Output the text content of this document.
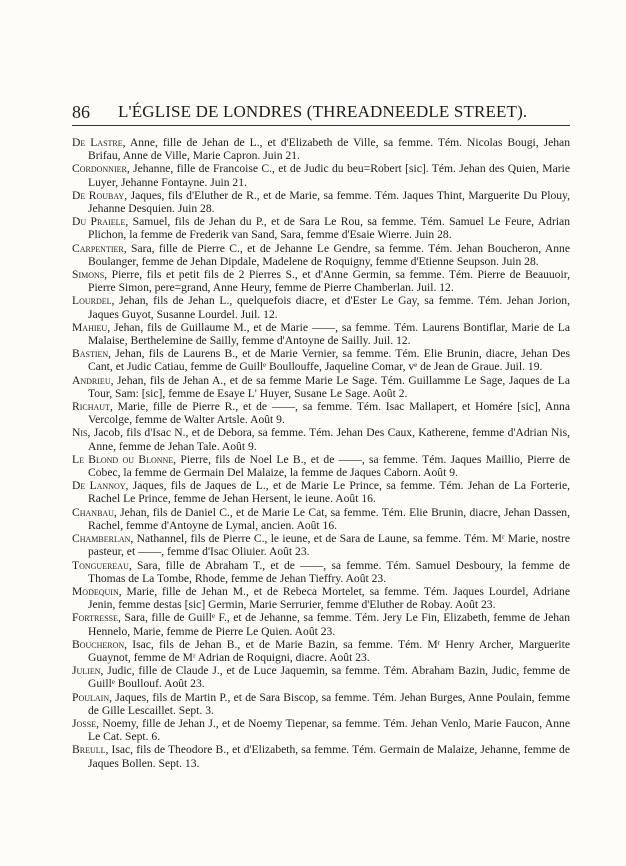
86 L'ÉGLISE DE LONDRES (THREADNEEDLE STREET).
De Lastre, Anne, fille de Jehan de L., et d'Elizabeth de Ville, sa femme. Tém. Nicolas Bougi, Jehan Brifau, Anne de Ville, Marie Capron. Juin 21.
Cordonnier, Jehanne, fille de Francoise C., et de Judic du beu=Robert [sic]. Tém. Jehan des Quien, Marie Luyer, Jehanne Fontayne. Juin 21.
De Roubay, Jaques, fils d'Eluther de R., et de Marie, sa femme. Tém. Jaques Thint, Marguerite Du Plouy, Jehanne Desquien. Juin 28.
Du Praiele, Samuel, fils de Jehan du P., et de Sara Le Rou, sa femme. Tém. Samuel Le Feure, Adrian Plichon, la femme de Frederik van Sand, Sara, femme d'Esaie Wierre. Juin 28.
Carpentier, Sara, fille de Pierre C., et de Jehanne Le Gendre, sa femme. Tém. Jehan Boucheron, Anne Boulanger, femme de Jehan Dipdale, Madelene de Roquigny, femme d'Etienne Seupson. Juin 28.
Simons, Pierre, fils et petit fils de 2 Pierres S., et d'Anne Germin, sa femme. Tém. Pierre de Beauuoir, Pierre Simon, pere=grand, Anne Heury, femme de Pierre Chamberlan. Juil. 12.
Lourdel, Jehan, fils de Jehan L., quelquefois diacre, et d'Ester Le Gay, sa femme. Tém. Jehan Jorion, Jaques Guyot, Susanne Lourdel. Juil. 12.
Mahieu, Jehan, fils de Guillaume M., et de Marie ——, sa femme. Tém. Laurens Bontiflar, Marie de La Malaise, Berthelemine de Sailly, femme d'Antoyne de Sailly. Juil. 12.
Bastien, Jehan, fils de Laurens B., et de Marie Vernier, sa femme. Tém. Elie Brunin, diacre, Jehan Des Cant, et Judic Catiau, femme de Guillᵉ Boullouffe, Jaqueline Comar, vᵉ de Jean de Graue. Juil. 19.
Andrieu, Jehan, fils de Jehan A., et de sa femme Marie Le Sage. Tém. Guillamme Le Sage, Jaques de La Tour, Sam: [sic], femme de Esaye L' Huyer, Susane Le Sage. Août 2.
Richaut, Marie, fille de Pierre R., et de ——, sa femme. Tém. Isac Mallapert, et Homére [sic], Anna Vercolge, femme de Walter Artsle. Août 9.
Nis, Jacob, fils d'Isac N., et de Debora, sa femme. Tém. Jehan Des Caux, Katherene, femme d'Adrian Nis, Anne, femme de Jehan Tale. Août 9.
Le Blond ou Blonne, Pierre, fils de Noel Le B., et de ——, sa femme. Tém. Jaques Maillio, Pierre de Cobec, la femme de Germain Del Malaize, la femme de Jaques Caborn. Août 9.
De Lannoy, Jaques, fils de Jaques de L., et de Marie Le Prince, sa femme. Tém. Jehan de La Forterie, Rachel Le Prince, femme de Jehan Hersent, le ieune. Août 16.
Chanbau, Jehan, fils de Daniel C., et de Marie Le Cat, sa femme. Tém. Elie Brunin, diacre, Jehan Dassen, Rachel, femme d'Antoyne de Lymal, ancien. Août 16.
Chamberlan, Nathannel, fils de Pierre C., le ieune, et de Sara de Laune, sa femme. Tém. Mʳ Marie, nostre pasteur, et ——, femme d'Isac Oliuier. Août 23.
Tonguereau, Sara, fille de Abraham T., et de ——, sa femme. Tém. Samuel Desboury, la femme de Thomas de La Tombe, Rhode, femme de Jehan Tieffry. Août 23.
Modequin, Marie, fille de Jehan M., et de Rebeca Mortelet, sa femme. Tém. Jaques Lourdel, Adriane Jenin, femme destas [sic] Germin, Marie Serrurier, femme d'Eluther de Robay. Août 23.
Fortresse, Sara, fille de Guillᵉ F., et de Jehanne, sa femme. Tém. Jery Le Fin, Elizabeth, femme de Jehan Hennelo, Marie, femme de Pierre Le Quien. Août 23.
Boucheron, Isac, fils de Jehan B., et de Marie Bazin, sa femme. Tém. Mʳ Henry Archer, Marguerite Guaynot, femme de Mʳ Adrian de Roquigni, diacre. Août 23.
Julien, Judic, fille de Claude J., et de Luce Jaquemin, sa femme. Tém. Abraham Bazin, Judic, femme de Guillᵉ Boullouf. Août 23.
Poulain, Jaques, fils de Martin P., et de Sara Biscop, sa femme. Tém. Jehan Burges, Anne Poulain, femme de Gille Lescaillet. Sept. 3.
Josse, Noemy, fille de Jehan J., et de Noemy Tiepenar, sa femme. Tém. Jehan Venlo, Marie Faucon, Anne Le Cat. Sept. 6.
Breull, Isac, fils de Theodore B., et d'Elizabeth, sa femme. Tém. Germain de Malaize, Jehanne, femme de Jaques Bollen. Sept. 13.
